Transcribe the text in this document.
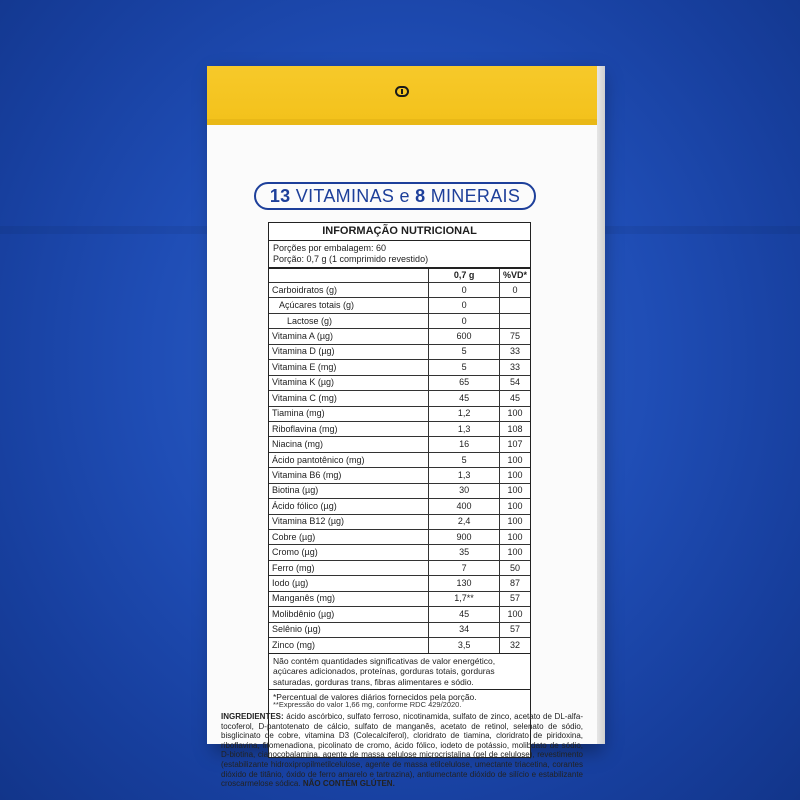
13 VITAMINAS e 8 MINERAIS
INFORMAÇÃO NUTRICIONAL
Porções por embalagem: 60
Porção: 0,7 g (1 comprimido revestido)
	0,7 g	%VD*
Carboidratos (g)	0	0
Açúcares totais (g)	0	
Lactose (g)	0	
Vitamina A (µg)	600	75
Vitamina D (µg)	5	33
Vitamina E (mg)	5	33
Vitamina K (µg)	65	54
Vitamina C (mg)	45	45
Tiamina (mg)	1,2	100
Riboflavina (mg)	1,3	108
Niacina (mg)	16	107
Ácido pantotênico (mg)	5	100
Vitamina B6 (mg)	1,3	100
Biotina (µg)	30	100
Ácido fólico (µg)	400	100
Vitamina B12 (µg)	2,4	100
Cobre (µg)	900	100
Cromo (µg)	35	100
Ferro (mg)	7	50
Iodo (µg)	130	87
Manganês (mg)	1,7**	57
Molibdênio (µg)	45	100
Selênio (µg)	34	57
Zinco (mg)	3,5	32
Não contém quantidades significativas de valor energético, açúcares adicionados, proteínas, gorduras totais, gorduras saturadas, gorduras trans, fibras alimentares e sódio.
*Percentual de valores diários fornecidos pela porção.
**Expressão do valor 1,66 mg, conforme RDC 429/2020.
INGREDIENTES: ácido ascórbico, sulfato ferroso, nicotinamida, sulfato de zinco, acetato de DL-alfa-tocoferol, D-pantotenato de cálcio, sulfato de manganês, acetato de retinol, selenato de sódio, bisglicinato de cobre, vitamina D3 (Colecalciferol), cloridrato de tiamina, cloridrato de piridoxina, riboflavina, fitomenadiona, picolinato de cromo, ácido fólico, iodeto de potássio, molibdato de sódio, D-biotina, cianocobalamina, agente de massa celulose microcristalina (gel de celulose), revestimento (estabilizante hidroxipropilmetilcelulose, agente de massa etilcelulose, umectante triacetina, corantes dióxido de titânio, óxido de ferro amarelo e tartrazina), antiumectante dióxido de silício e estabilizante croscarmelose sódica. NÃO CONTÉM GLÚTEN.
